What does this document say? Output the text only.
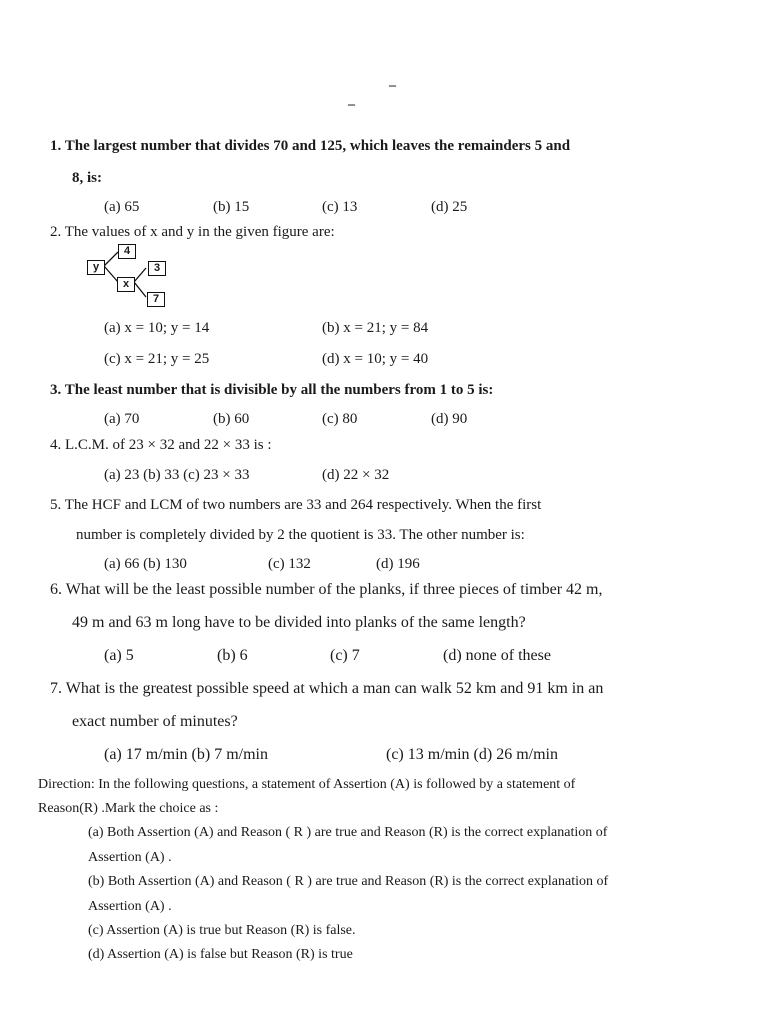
–
–
1. The largest number that divides 70 and 125, which leaves the remainders 5 and
8, is:
(a) 65	(b) 15	(c) 13	(d) 25
2. The values of x and y in the given figure are:
y
4
3
x
7
(a) x = 10; y = 14	(b) x = 21; y = 84
(c) x = 21; y = 25	(d) x = 10; y = 40
3. The least number that is divisible by all the numbers from 1 to 5 is:
(a) 70	(b) 60	(c) 80	(d) 90
4. L.C.M. of 23 × 32 and 22 × 33 is :
(a) 23 (b) 33 (c) 23 × 33	(d) 22 × 32
5. The HCF and LCM of two numbers are 33 and 264 respectively. When the first
number is completely divided by 2 the quotient is 33. The other number is:
(a) 66 (b) 130	(c) 132	(d) 196
6. What will be the least possible number of the planks, if three pieces of timber 42 m,
49 m and 63 m long have to be divided into planks of the same length?
(a) 5	(b) 6	(c) 7	(d) none of these
7. What is the greatest possible speed at which a man can walk 52 km and 91 km in an
exact number of minutes?
(a) 17 m/min (b) 7 m/min	(c) 13 m/min (d) 26 m/min
Direction: In the following questions, a statement of Assertion (A) is followed by a statement of
Reason(R) .Mark the choice as :
(a) Both Assertion (A) and Reason ( R ) are true and Reason (R) is the correct explanation of
Assertion (A) .
(b) Both Assertion (A) and Reason ( R ) are true and Reason (R) is the correct explanation of
Assertion (A) .
(c) Assertion (A) is true but Reason (R) is false.
(d) Assertion (A) is false but Reason (R) is true
